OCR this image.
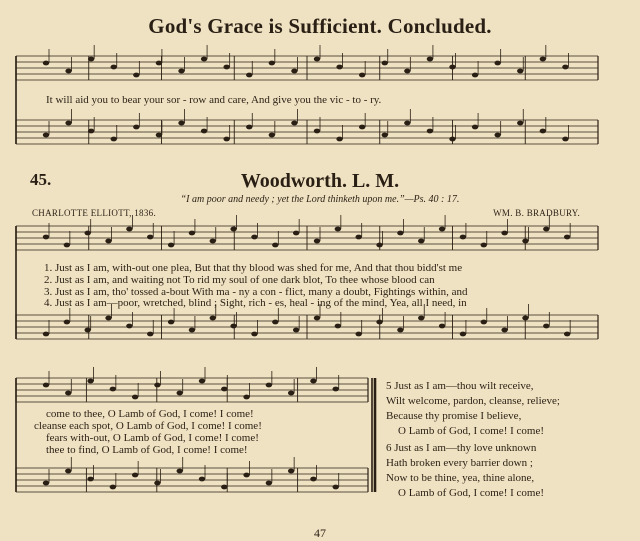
God's Grace is Sufficient. Concluded.
It will aid you to bear your sor - row and care, And give you the vic - to - ry.
45.	Woodworth. L. M.
“I am poor and needy ; yet the Lord thinketh upon me.”—Ps. 40 : 17.
CHARLOTTE ELLIOTT, 1836.	WM. B. BRADBURY.
1. Just as I am, with-out one plea, But that thy blood was shed for me, And that thou bidd'st me
2. Just as I am, and waiting not To rid my soul of one dark blot, To thee whose blood can
3. Just as I am, tho' tossed a-bout With ma - ny a con - flict, many a doubt, Fightings within, and
4. Just as I am—poor, wretched, blind ; Sight, rich - es, heal - ing of the mind, Yea, all I need, in
come to thee, O Lamb of God, I come! I come!
cleanse each spot, O Lamb of God, I come! I come!
fears with-out, O Lamb of God, I come! I come!
thee to find, O Lamb of God, I come! I come!
5 Just as I am—thou wilt receive,
Wilt welcome, pardon, cleanse, relieve;
Because thy promise I believe,
O Lamb of God, I come! I come!
6 Just as I am—thy love unknown
Hath broken every barrier down ;
Now to be thine, yea, thine alone,
O Lamb of God, I come! I come!
47
